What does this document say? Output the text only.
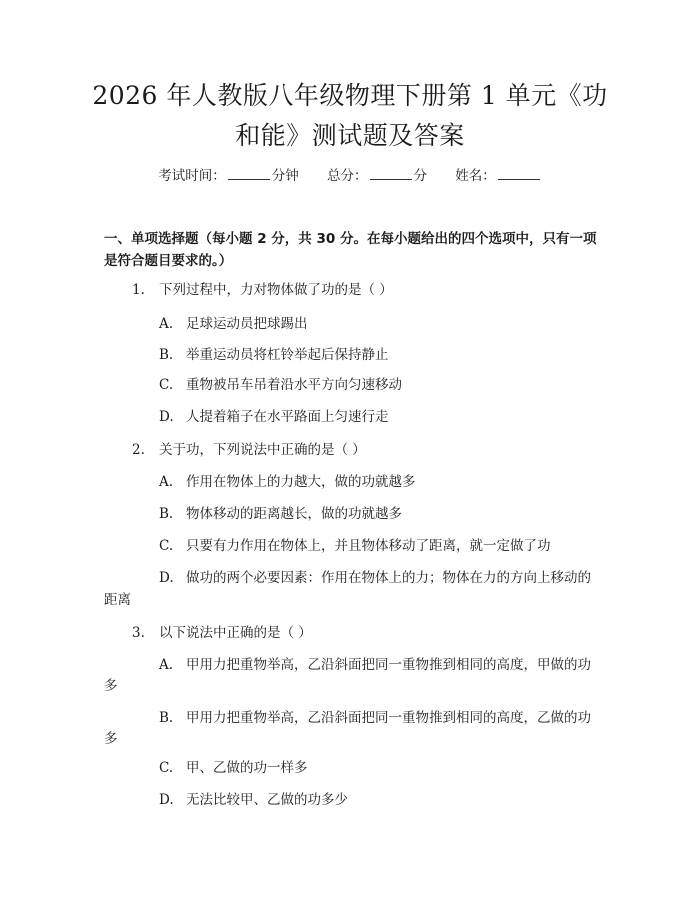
2026 年人教版八年级物理下册第 1 单元《功
和能》测试题及答案
考试时间：	分钟 总分：	分 姓名：
一、单项选择题（每小题 2 分，共 30 分。在每小题给出的四个选项中，只有一项
是符合题目要求的。）
1. 下列过程中，力对物体做了功的是（ ）
A. 足球运动员把球踢出
B. 举重运动员将杠铃举起后保持静止
C. 重物被吊车吊着沿水平方向匀速移动
D. 人提着箱子在水平路面上匀速行走
2. 关于功，下列说法中正确的是（ ）
A. 作用在物体上的力越大，做的功就越多
B. 物体移动的距离越长，做的功就越多
C. 只要有力作用在物体上，并且物体移动了距离，就一定做了功
D. 做功的两个必要因素：作用在物体上的力；物体在力的方向上移动的
距离
3. 以下说法中正确的是（ ）
A. 甲用力把重物举高，乙沿斜面把同一重物推到相同的高度，甲做的功
多
B. 甲用力把重物举高，乙沿斜面把同一重物推到相同的高度，乙做的功
多
C. 甲、乙做的功一样多
D. 无法比较甲、乙做的功多少
